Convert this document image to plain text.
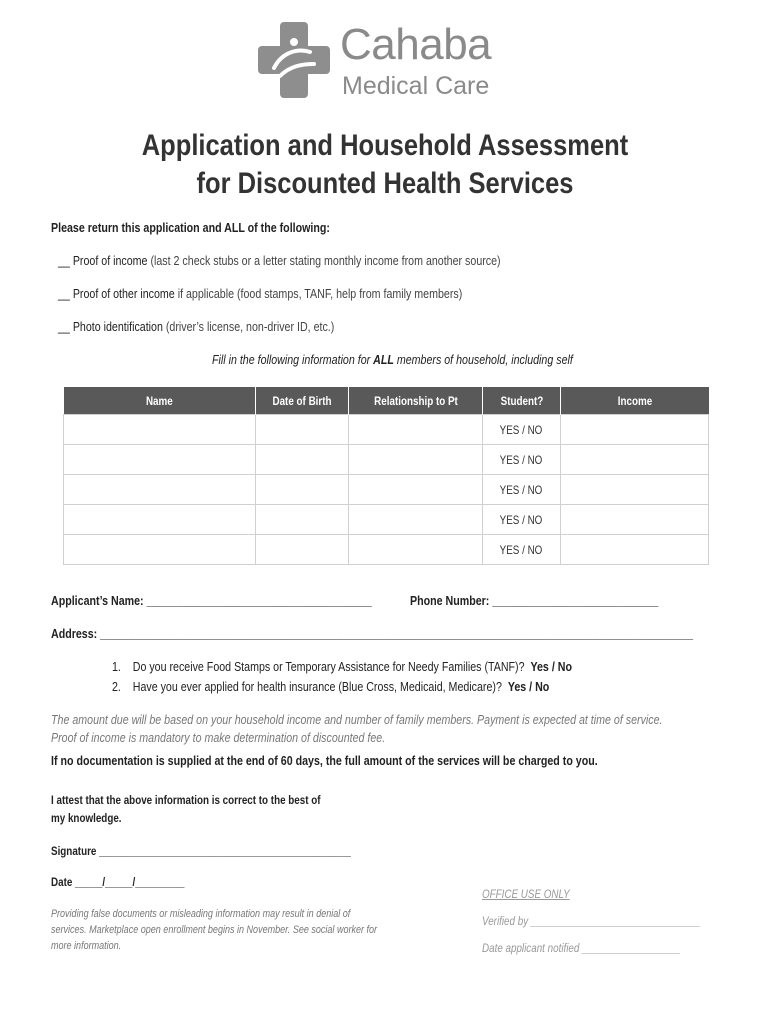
Cahaba
Medical Care
Application and Household Assessment
for Discounted Health Services
Please return this application and ALL of the following:
__ Proof of income (last 2 check stubs or a letter stating monthly income from another source)
__ Proof of other income if applicable (food stamps, TANF, help from family members)
__ Photo identification (driver’s license, non-driver ID, etc.)
Fill in the following information for ALL members of household, including self
Name	Date of Birth	Relationship to Pt	Student?	Income
			YES / NO	
			YES / NO	
			YES / NO	
			YES / NO	
			YES / NO	
Applicant’s Name: ______________________________________	Phone Number: ____________________________
Address: ____________________________________________________________________________________________________
1. Do you receive Food Stamps or Temporary Assistance for Needy Families (TANF)? Yes / No
2. Have you ever applied for health insurance (Blue Cross, Medicaid, Medicare)? Yes / No
The amount due will be based on your household income and number of family members. Payment is expected at time of service.
Proof of income is mandatory to make determination of discounted fee.
If no documentation is supplied at the end of 60 days, the full amount of the services will be charged to you.
I attest that the above information is correct to the best of
my knowledge.
Signature ______________________________________________
Date _____/_____/_________
Providing false documents or misleading information may result in denial of
services. Marketplace open enrollment begins in November. See social worker for
more information.
OFFICE USE ONLY
Verified by _______________________________
Date applicant notified __________________
